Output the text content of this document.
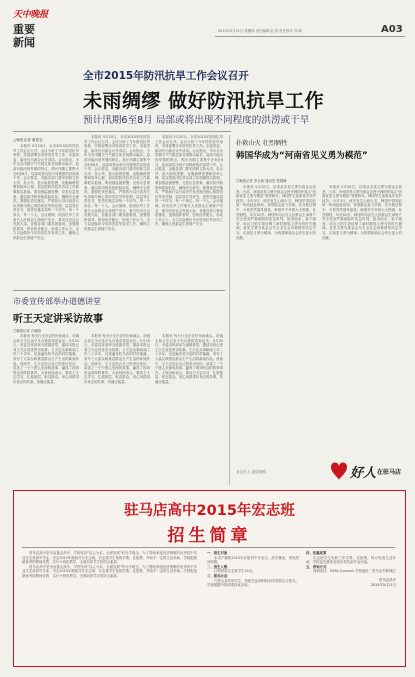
天中晚报
重要
新闻
2015年5月21日 星期四 责任编辑 赵 青 责任校对 冯 颖	A03
全市2015年防汛抗旱工作会议召开
未雨绸缪 做好防汛抗旱工作
预计汛期6至8月 局部或将出现不同程度的洪涝或干旱
□晚报记者 谢震亚

本报讯 5月20日，全市2015年防汛抗旱工作会议召开。会议分析了今年防汛抗旱形势，安排部署全市防汛抗旱工作。市委常委、副市长出席会议并讲话。会议指出，今年全市汛期天气气候总体呈现降水偏多、局部可能出现旱情的特点，预计汛期主要集中在6至8月，局部或将出现不同程度的洪涝或干旱。会议要求，各级各部门要牢固树立防大汛、抗大旱、抢大险的思想，克服麻痹思想和侥幸心理，切实把防汛抗旱各项工作抓紧抓实抓细。要加强监测预警，完善应急预案，落实防汛物资和抢险队伍，确保安全度汛。要强化责任落实，严格执行以行政首长负责制为核心的防汛抗旱责任制，层层签订责任书，把责任落实到每一个环节、每一个岗位、每一个人。会议强调，防汛抗旱工作事关人民群众生命财产安全，事关经济社会发展大局，各级各部门要高度重视，加强组织领导，密切协作配合，形成工作合力，全力以赴做好今年防汛抗旱各项工作，确保人民群众生命财产安全。

本报讯 5月20日，全市2015年防汛抗旱工作会议召开。会议分析了今年防汛抗旱形势，安排部署全市防汛抗旱工作。市委常委、副市长出席会议并讲话。会议指出，今年全市汛期天气气候总体呈现降水偏多、局部可能出现旱情的特点，预计汛期主要集中在6至8月，局部或将出现不同程度的洪涝或干旱。会议要求，各级各部门要牢固树立防大汛、抗大旱、抢大险的思想，克服麻痹思想和侥幸心理，切实把防汛抗旱各项工作抓紧抓实抓细。要加强监测预警，完善应急预案，落实防汛物资和抢险队伍，确保安全度汛。要强化责任落实，严格执行以行政首长负责制为核心的防汛抗旱责任制，层层签订责任书，把责任落实到每一个环节、每一个岗位、每一个人。会议强调，防汛抗旱工作事关人民群众生命财产安全，事关经济社会发展大局，各级各部门要高度重视，加强组织领导，密切协作配合，形成工作合力，全力以赴做好今年防汛抗旱各项工作，确保人民群众生命财产安全。

本报讯 5月20日，全市2015年防汛抗旱工作会议召开。会议分析了今年防汛抗旱形势，安排部署全市防汛抗旱工作。市委常委、副市长出席会议并讲话。会议指出，今年全市汛期天气气候总体呈现降水偏多、局部可能出现旱情的特点，预计汛期主要集中在6至8月，局部或将出现不同程度的洪涝或干旱。会议要求，各级各部门要牢固树立防大汛、抗大旱、抢大险的思想，克服麻痹思想和侥幸心理，切实把防汛抗旱各项工作抓紧抓实抓细。要加强监测预警，完善应急预案，落实防汛物资和抢险队伍，确保安全度汛。要强化责任落实，严格执行以行政首长负责制为核心的防汛抗旱责任制，层层签订责任书，把责任落实到每一个环节、每一个岗位、每一个人。会议强调，防汛抗旱工作事关人民群众生命财产安全，事关经济社会发展大局，各级各部门要高度重视，加强组织领导，密切协作配合，形成工作合力，全力以赴做好今年防汛抗旱各项工作，确保人民群众生命财产安全。

扑救山火 壮烈牺牲
韩国华成为“河南省见义勇为模范”
□晚报记者 李玉茹 通讯员 张国峰

本报讯 5月20日，记者从市见义勇为基金会获悉，日前，河南省见义勇为基金会授予韩国华同志“河南省见义勇为模范”荣誉称号。韩国华生前系某乡村护林员。今年3月，该乡发生山林火灾，韩国华得知后第一时间赶赴现场，带领群众奋力扑救。在扑救过程中，火势突然借风蔓延，韩国华不幸被大火围困，壮烈牺牲，年仅52岁。韩国华同志在人民群众生命财产安全受到严重威胁的危急时刻，挺身而出，奋不顾身，用自己的生命诠释了新时期见义勇为的时代精神。省见义勇为基金会号召全社会向韩国华同志学习，弘扬见义勇为精神，为构建和谐社会作出更大的贡献。

本报讯 5月20日，记者从市见义勇为基金会获悉，日前，河南省见义勇为基金会授予韩国华同志“河南省见义勇为模范”荣誉称号。韩国华生前系某乡村护林员。今年3月，该乡发生山林火灾，韩国华得知后第一时间赶赴现场，带领群众奋力扑救。在扑救过程中，火势突然借风蔓延，韩国华不幸被大火围困，壮烈牺牲，年仅52岁。韩国华同志在人民群众生命财产安全受到严重威胁的危急时刻，挺身而出，奋不顾身，用自己的生命诠释了新时期见义勇为的时代精神。省见义勇为基金会号召全社会向韩国华同志学习，弘扬见义勇为精神，为构建和谐社会作出更大的贡献。

市委宣传部举办道德讲堂
听王天定讲采访故事
□晚报记者 卢晓阳

本报讯 每天行走在农村田间地头，用镜头和文字记录平凡百姓的喜怒哀乐。5月20日，市委宣传部举办道德讲堂，邀请本报记者王天定讲述采访故事。王天定从事新闻工作二十多年，足迹遍布驻马店的村村落落，采写了大量反映基层群众生产生活的新闻作品。讲座中，王天定结合自己的采访经历，讲述了一个个感人至深的故事，赢得了现场听众的阵阵掌声。大家纷纷表示，要向王天定学习，扎根基层，贴近群众，用心用情讲好身边的故事，传播正能量。

本报讯 每天行走在农村田间地头，用镜头和文字记录平凡百姓的喜怒哀乐。5月20日，市委宣传部举办道德讲堂，邀请本报记者王天定讲述采访故事。王天定从事新闻工作二十多年，足迹遍布驻马店的村村落落，采写了大量反映基层群众生产生活的新闻作品。讲座中，王天定结合自己的采访经历，讲述了一个个感人至深的故事，赢得了现场听众的阵阵掌声。大家纷纷表示，要向王天定学习，扎根基层，贴近群众，用心用情讲好身边的故事，传播正能量。

本报讯 每天行走在农村田间地头，用镜头和文字记录平凡百姓的喜怒哀乐。5月20日，市委宣传部举办道德讲堂，邀请本报记者王天定讲述采访故事。王天定从事新闻工作二十多年，足迹遍布驻马店的村村落落，采写了大量反映基层群众生产生活的新闻作品。讲座中，王天定结合自己的采访经历，讲述了一个个感人至深的故事，赢得了现场听众的阵阵掌声。大家纷纷表示，要向王天定学习，扎根基层，贴近群众，用心用情讲好身边的故事，传播正能量。

好人 在驻马店
身边好人 道德楷模
驻马店高中2015年宏志班
招生简章

驻马店高中是市直重点高中，学校坚持“以人为本，全面发展”的办学理念，为了帮助家庭经济困难的优秀初中毕业生完成高中学业，决定2015年继续开办宏志班。宏志班学生免收学费、住宿费，并给予一定的生活补助，学校配备最优秀的教师任教，实行小班化教学，全面培养学生的综合素质。

驻马店高中是市直重点高中，学校坚持“以人为本，全面发展”的办学理念，为了帮助家庭经济困难的优秀初中毕业生完成高中学业，决定2015年继续开办宏志班。宏志班学生免收学费、住宿费，并给予一定的生活补助，学校配备最优秀的教师任教，实行小班化教学，全面培养学生的综合素质。

一、招生对象

本市户籍的2015年应届初中毕业生，品学兼优，家庭经济困难。

二、招生人数

计划招收宏志班学生50名。

三、报名办法

凡符合条件的学生，持相关证明材料到学校招生办报名，学校根据中招成绩择优录取。

四、优惠政策

宏志班学生免收三年学费、住宿费，每月发放生活补助，学校优先推荐参加各类奖助学金评选。

五、咨询方式

咨询电话：0396-2xxxxxx 学校地址：驻马店市驿城区

驻马店高中
2015年5月21日
